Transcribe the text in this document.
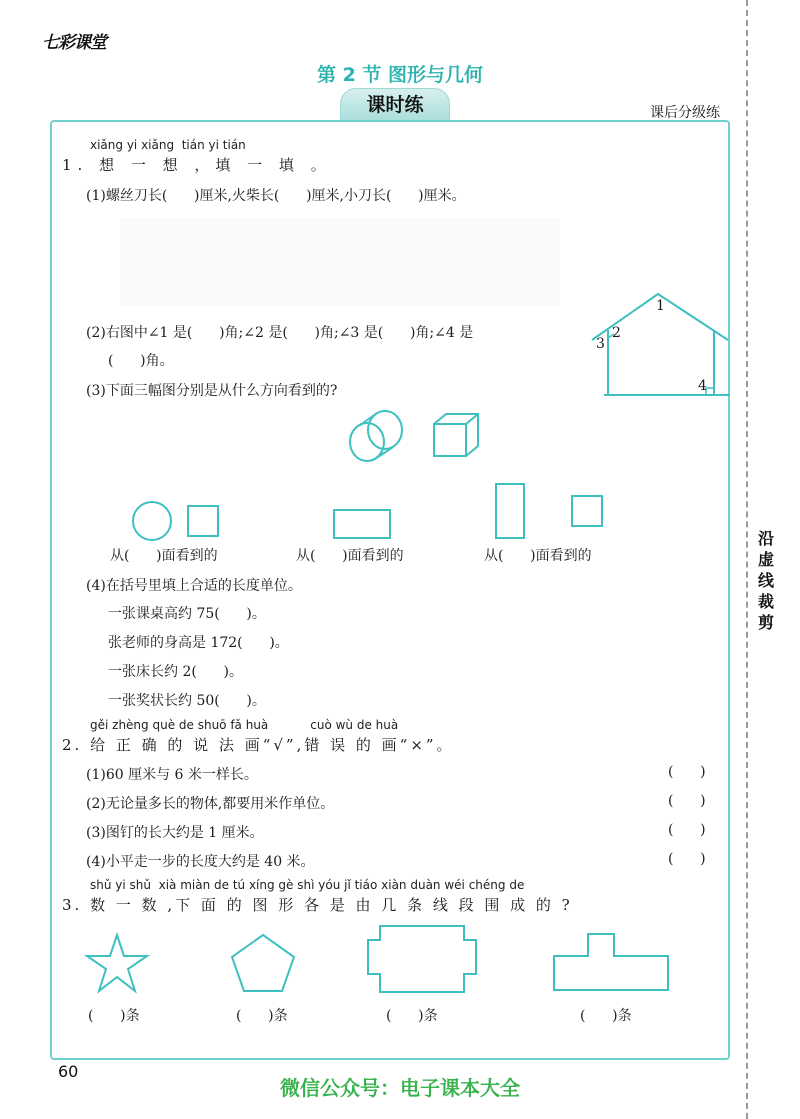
七彩课堂
第 2 节 图形与几何
课时练	课后分级练
沿虚线裁剪
xiǎng yi xiǎng  tián yi tián
1. 想 一 想 ，填 一 填 。
(1)螺丝刀长(      )厘米,火柴长(      )厘米,小刀长(      )厘米。
(2)右图中∠1 是(      )角;∠2 是(      )角;∠3 是(      )角;∠4 是
(      )角。
1
2
3
4
(3)下面三幅图分别是从什么方向看到的?
从(      )面看到的	从(      )面看到的	从(      )面看到的
(4)在括号里填上合适的长度单位。
一张课桌高约 75(      )。
张老师的身高是 172(      )。
一张床长约 2(      )。
一张奖状长约 50(      )。
gěi zhèng què de shuō fǎ huà           cuò wù de huà
2. 给 正 确 的 说 法 画“√”,错 误 的 画“×”。
(1)60 厘米与 6 米一样长。	(      )
(2)无论量多长的物体,都要用米作单位。	(      )
(3)图钉的长大约是 1 厘米。	(      )
(4)小平走一步的长度大约是 40 米。	(      )
shǔ yi shǔ  xià miàn de tú xíng gè shì yóu jǐ tiáo xiàn duàn wéi chéng de
3. 数 一 数 ,下 面 的 图 形 各 是 由 几 条 线 段 围 成 的 ?
(      )条	(      )条	(      )条	(      )条
60
微信公众号：电子课本大全
